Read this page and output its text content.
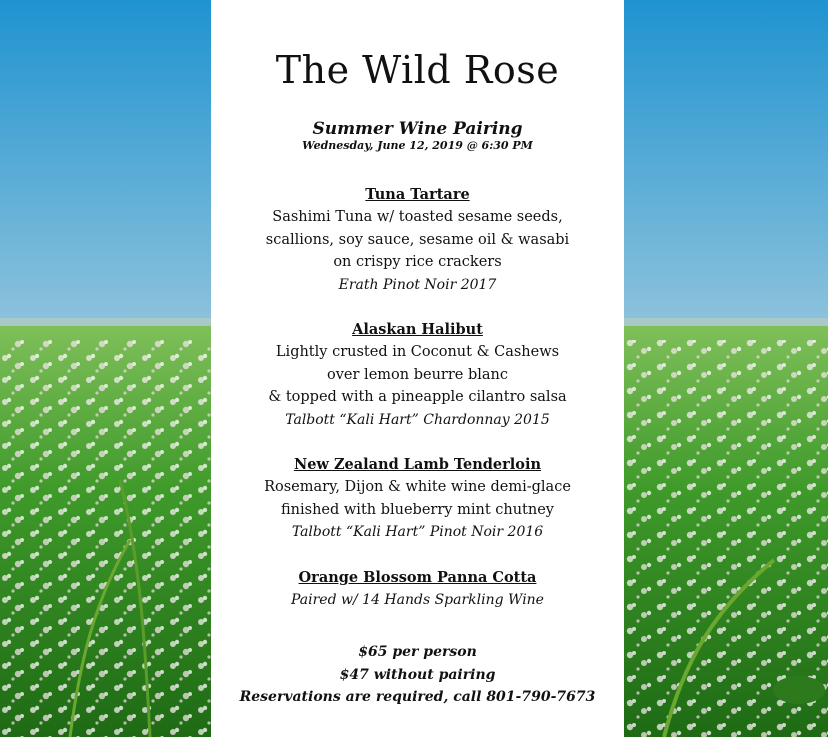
The Wild Rose
Summer Wine Pairing
Wednesday, June 12, 2019 @ 6:30 PM
Tuna Tartare
Sashimi Tuna w/ toasted sesame seeds,
scallions, soy sauce, sesame oil & wasabi
on crispy rice crackers
Erath Pinot Noir 2017
Alaskan Halibut
Lightly crusted in Coconut & Cashews
over lemon beurre blanc
& topped with a pineapple cilantro salsa
Talbott “Kali Hart” Chardonnay 2015
New Zealand Lamb Tenderloin
Rosemary, Dijon & white wine demi-glace
finished with blueberry mint chutney
Talbott “Kali Hart” Pinot Noir 2016
Orange Blossom Panna Cotta
Paired w/ 14 Hands Sparkling Wine
$65 per person
$47 without pairing
Reservations are required, call 801-790-7673
